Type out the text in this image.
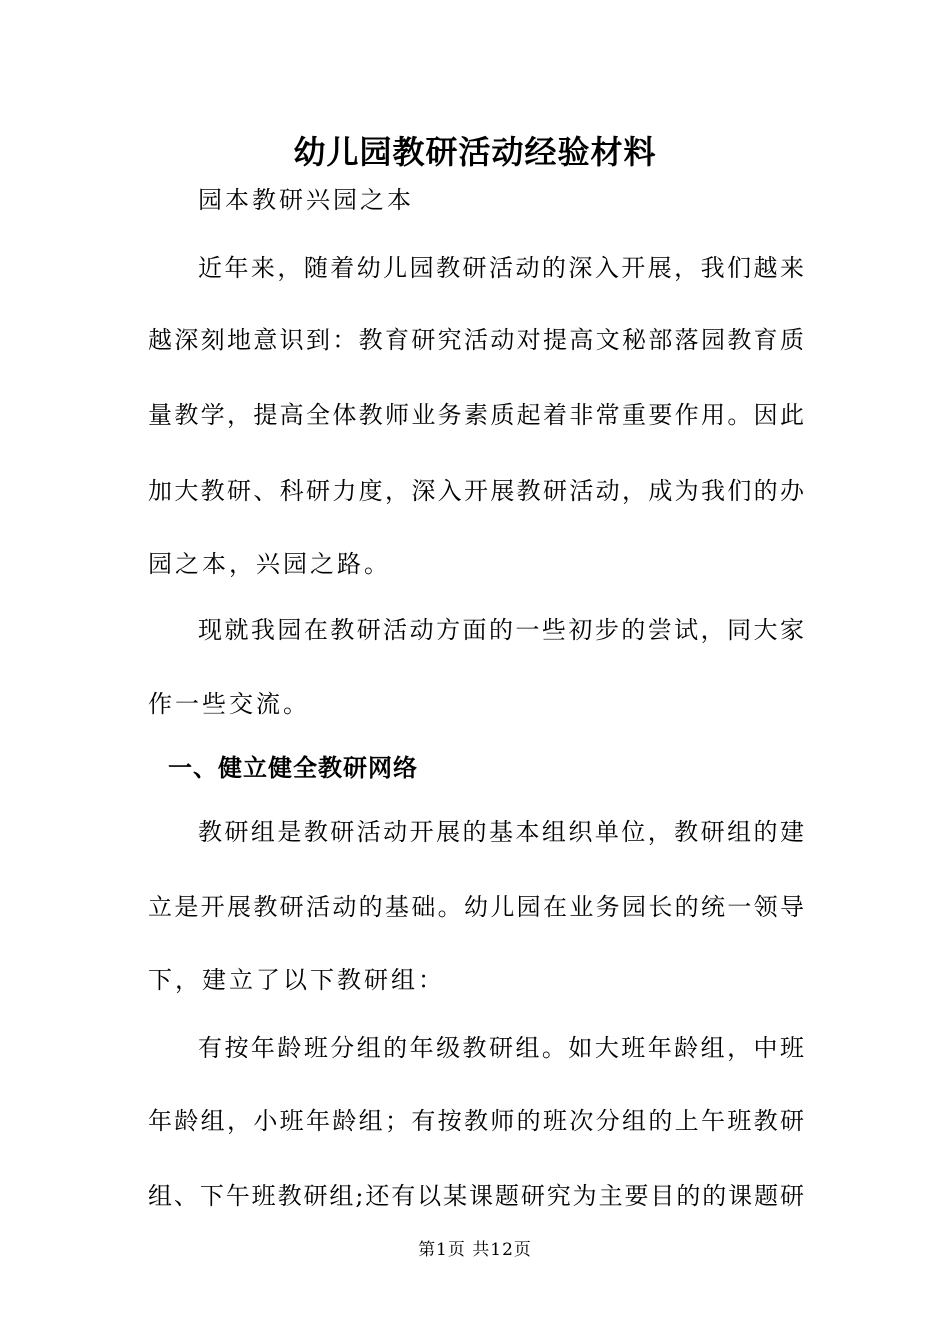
幼儿园教研活动经验材料
园本教研兴园之本
近年来，随着幼儿园教研活动的深入开展，我们越来
越深刻地意识到：教育研究活动对提高文秘部落园教育质
量教学，提高全体教师业务素质起着非常重要作用。因此
加大教研、科研力度，深入开展教研活动，成为我们的办
园之本，兴园之路。
现就我园在教研活动方面的一些初步的尝试，同大家
作一些交流。
一、健立健全教研网络
教研组是教研活动开展的基本组织单位，教研组的建
立是开展教研活动的基础。幼儿园在业务园长的统一领导
下，建立了以下教研组：
有按年龄班分组的年级教研组。如大班年龄组，中班
年龄组，小班年龄组；有按教师的班次分组的上午班教研
组、下午班教研组;还有以某课题研究为主要目的的课题研
第1页 共12页
